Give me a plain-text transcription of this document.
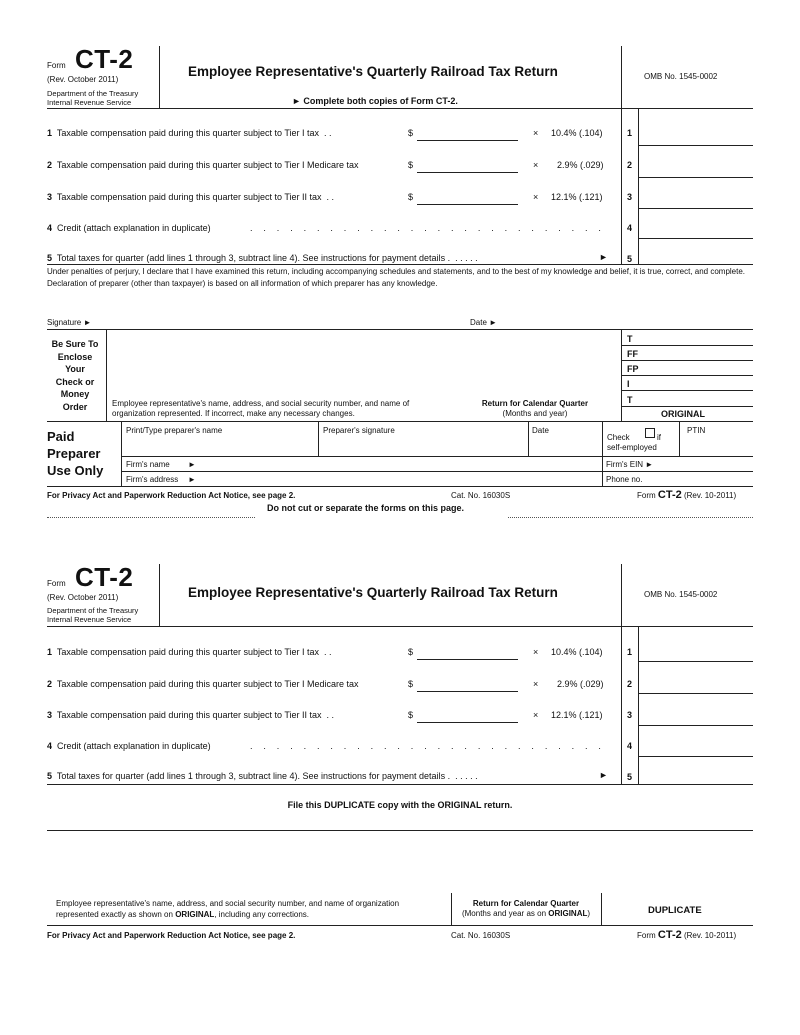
Form CT-2
(Rev. October 2011)
Department of the Treasury
Internal Revenue Service
Employee Representative's Quarterly Railroad Tax Return
► Complete both copies of Form CT-2.
OMB No. 1545-0002
1 Taxable compensation paid during this quarter subject to Tier I tax . .	$	× 10.4% (.104)	1
2 Taxable compensation paid during this quarter subject to Tier I Medicare tax	$	× 2.9% (.029)	2
3 Taxable compensation paid during this quarter subject to Tier II tax . .	$	× 12.1% (.121)	3
4 Credit (attach explanation in duplicate)	. . . . . . . . . . . . . . . . . . . . . . . . . . .	4
5 Total taxes for quarter (add lines 1 through 3, subtract line 4). See instructions for payment details . . . . . .	► 5
Under penalties of perjury, I declare that I have examined this return, including accompanying schedules and statements, and to the best of my knowledge and belief, it is true, correct, and complete. Declaration of preparer (other than taxpayer) is based on all information of which preparer has any knowledge.
Signature ►	Date ►
Be Sure To
Enclose
Your
Check or
Money
Order	Employee representative's name, address, and social security number, and name of organization represented. If incorrect, make any necessary changes.
Return for Calendar Quarter
(Months and year)
T
FF
FP
I
T
ORIGINAL
Paid
Preparer
Use Only
Print/Type preparer's name	Preparer's signature	Date
Check	if
self-employed
PTIN
Firm's name ►	Firm's EIN ►
Firm's address ►	Phone no.
For Privacy Act and Paperwork Reduction Act Notice, see page 2.	Cat. No. 16030S	Form CT-2 (Rev. 10-2011)
Do not cut or separate the forms on this page.
Form CT-2
(Rev. October 2011)
Department of the Treasury
Internal Revenue Service
Employee Representative's Quarterly Railroad Tax Return	OMB No. 1545-0002
1 Taxable compensation paid during this quarter subject to Tier I tax . .	$	× 10.4% (.104)	1
2 Taxable compensation paid during this quarter subject to Tier I Medicare tax	$	× 2.9% (.029)	2
3 Taxable compensation paid during this quarter subject to Tier II tax . .	$	× 12.1% (.121)	3
4 Credit (attach explanation in duplicate)	. . . . . . . . . . . . . . . . . . . . . . . . . . .	4
5 Total taxes for quarter (add lines 1 through 3, subtract line 4). See instructions for payment details . . . . . .	► 5
File this DUPLICATE copy with the ORIGINAL return.
Employee representative's name, address, and social security number, and name of organization represented exactly as shown on ORIGINAL, including any corrections.
Return for Calendar Quarter
(Months and year as on ORIGINAL)	DUPLICATE
For Privacy Act and Paperwork Reduction Act Notice, see page 2.	Cat. No. 16030S	Form CT-2 (Rev. 10-2011)
